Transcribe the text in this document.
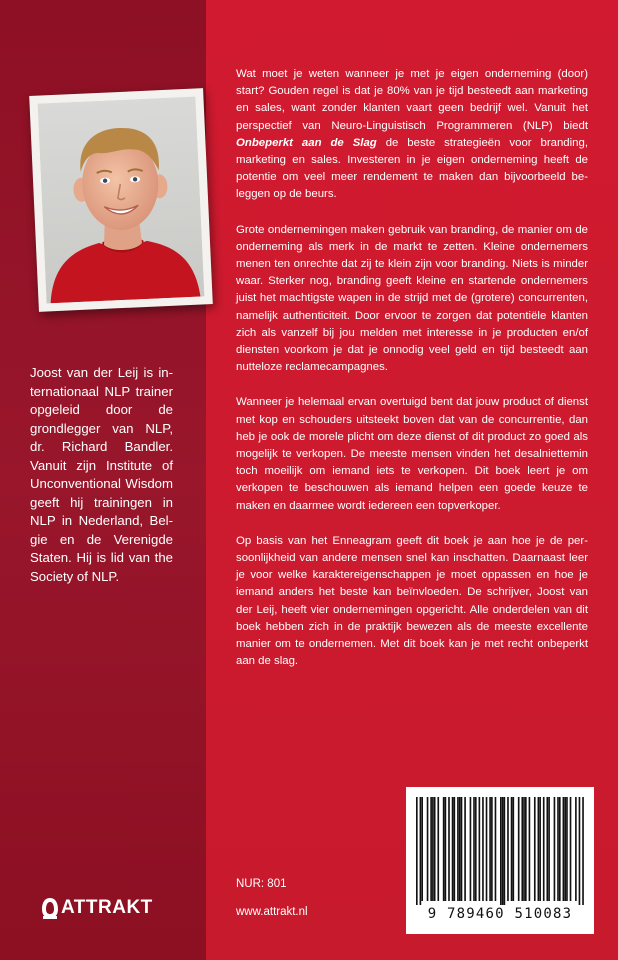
Joost van der Leij is internationaal NLP trainer opgeleid door de grondlegger van NLP, dr. Richard Bandler. Vanuit zijn Institute of Unconventional Wisdom geeft hij trainingen in NLP in Nederland, Belgie en de Verenigde Staten. Hij is lid van the Society of NLP.
ATTRAKT

Wat moet je weten wanneer je met je eigen onderneming (door) start? Gouden regel is dat je 80% van je tijd besteedt aan marketing en sales, want zonder klanten vaart geen bedrijf wel. Vanuit het perspectief van Neuro-Linguistisch Programmeren (NLP) biedt Onbeperkt aan de Slag de beste strategieën voor branding, marketing en sales. Investeren in je eigen onderneming heeft de potentie om veel meer rendement te maken dan bijvoorbeeld beleggen op de beurs.

Grote ondernemingen maken gebruik van branding, de manier om de onderneming als merk in de markt te zetten. Kleine ondernemers menen ten onrechte dat zij te klein zijn voor branding. Niets is minder waar. Sterker nog, branding geeft kleine en startende ondernemers juist het machtigste wapen in de strijd met de (grotere) concurrenten, namelijk authenticiteit. Door ervoor te zorgen dat potentiële klanten zich als vanzelf bij jou melden met interesse in je producten en/of diensten voorkom je dat je onnodig veel geld en tijd besteedt aan nutteloze reclamecampagnes.

Wanneer je helemaal ervan overtuigd bent dat jouw product of dienst met kop en schouders uitsteekt boven dat van de concurrentie, dan heb je ook de morele plicht om deze dienst of dit product zo goed als mogelijk te verkopen. De meeste mensen vinden het desalniettemin toch moeilijk om iemand iets te verkopen. Dit boek leert je om verkopen te beschouwen als iemand helpen een goede keuze te maken en daarmee wordt iedereen een topverkoper.

Op basis van het Enneagram geeft dit boek je aan hoe je de persoonlijkheid van andere mensen snel kan inschatten. Daarnaast leer je voor welke karaktereigenschappen je moet oppassen en hoe je iemand anders het beste kan beïnvloeden. De schrijver, Joost van der Leij, heeft vier ondernemingen opgericht. Alle onderdelen van dit boek hebben zich in de praktijk bewezen als de meeste excellente manier om te ondernemen. Met dit boek kan je met recht onbeperkt aan de slag.

NUR: 801
www.attrakt.nl	9 789460 510083
